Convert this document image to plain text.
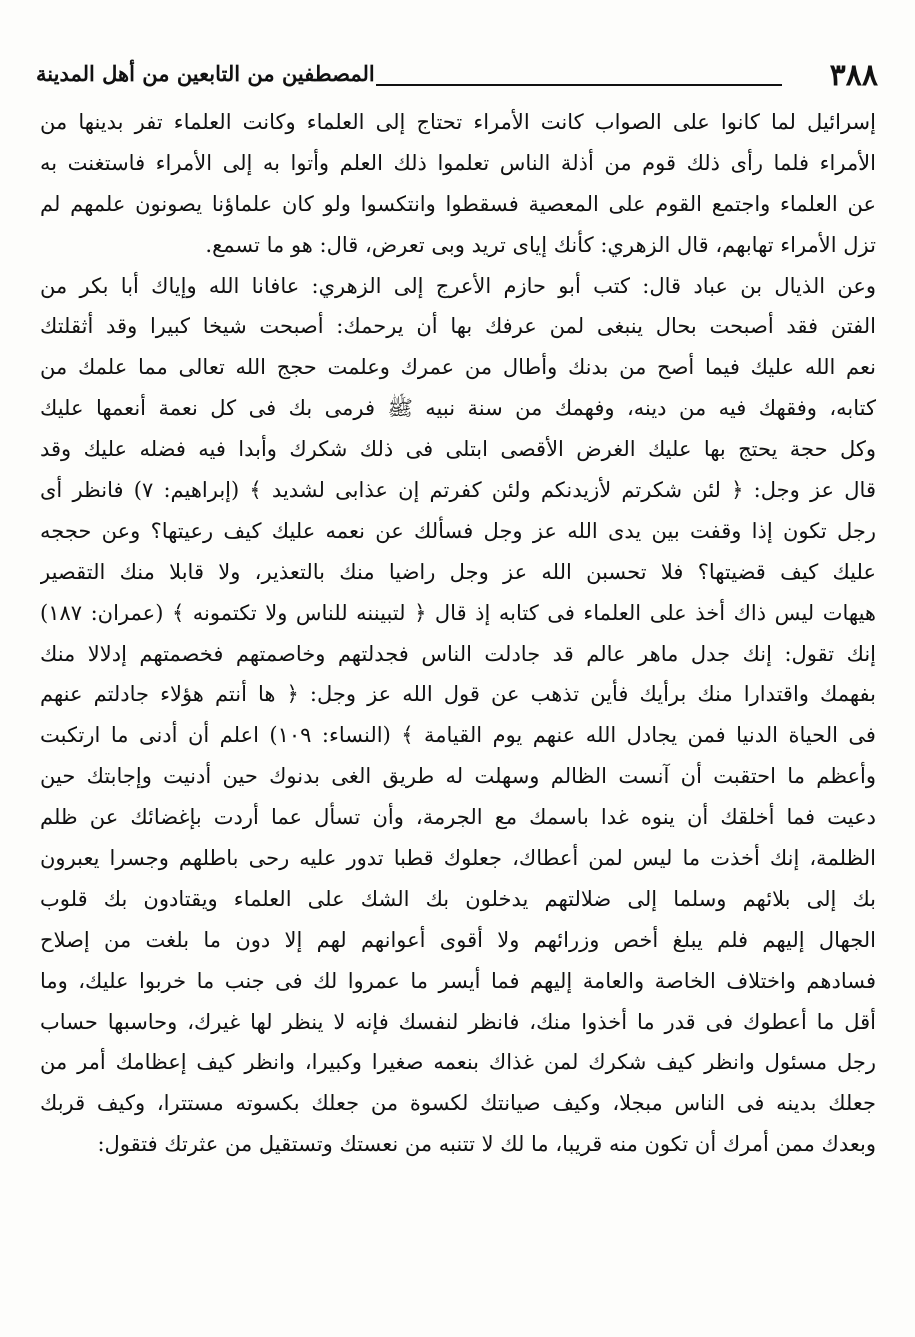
٣٨٨
المصطفين من التابعين من أهل المدينة
إسرائيل لما كانوا على الصواب كانت الأمراء تحتاج إلى العلماء وكانت العلماء تفر بدينها من
الأمراء فلما رأى ذلك قوم من أذلة الناس تعلموا ذلك العلم وأتوا به إلى الأمراء فاستغنت به
عن العلماء واجتمع القوم على المعصية فسقطوا وانتكسوا ولو كان علماؤنا يصونون علمهم لم
تزل الأمراء تهابهم، قال الزهري: كأنك إياى تريد وبى تعرض، قال: هو ما تسمع.
وعن الذيال بن عباد قال: كتب أبو حازم الأعرج إلى الزهري: عافانا الله وإياك أبا بكر من
الفتن فقد أصبحت بحال ينبغى لمن عرفك بها أن يرحمك: أصبحت شيخا كبيرا وقد أثقلتك
نعم الله عليك فيما أصح من بدنك وأطال من عمرك وعلمت حجج الله تعالى مما علمك من
كتابه، وفقهك فيه من دينه، وفهمك من سنة نبيه ﷺ فرمى بك فى كل نعمة أنعمها عليك
وكل حجة يحتج بها عليك الغرض الأقصى ابتلى فى ذلك شكرك وأبدا فيه فضله عليك وقد
قال عز وجل: ﴿ لئن شكرتم لأزيدنكم ولئن كفرتم إن عذابى لشديد ﴾ (إبراهيم: ٧) فانظر أى
رجل تكون إذا وقفت بين يدى الله عز وجل فسألك عن نعمه عليك كيف رعيتها؟ وعن حججه
عليك كيف قضيتها؟ فلا تحسبن الله عز وجل راضيا منك بالتعذير، ولا قابلا منك التقصير
هيهات ليس ذاك أخذ على العلماء فى كتابه إذ قال ﴿ لتبيننه للناس ولا تكتمونه ﴾ (عمران: ١٨٧)
إنك تقول: إنك جدل ماهر عالم قد جادلت الناس فجدلتهم وخاصمتهم فخصمتهم إدلالا منك
بفهمك واقتدارا منك برأيك فأين تذهب عن قول الله عز وجل: ﴿ ها أنتم هؤلاء جادلتم عنهم
فى الحياة الدنيا فمن يجادل الله عنهم يوم القيامة ﴾ (النساء: ١٠٩) اعلم أن أدنى ما ارتكبت
وأعظم ما احتقبت أن آنست الظالم وسهلت له طريق الغى بدنوك حين أدنيت وإجابتك حين
دعيت فما أخلقك أن ينوه غدا باسمك مع الجرمة، وأن تسأل عما أردت بإغضائك عن ظلم
الظلمة، إنك أخذت ما ليس لمن أعطاك، جعلوك قطبا تدور عليه رحى باطلهم وجسرا يعبرون
بك إلى بلائهم وسلما إلى ضلالتهم يدخلون بك الشك على العلماء ويقتادون بك قلوب
الجهال إليهم فلم يبلغ أخص وزرائهم ولا أقوى أعوانهم لهم إلا دون ما بلغت من إصلاح
فسادهم واختلاف الخاصة والعامة إليهم فما أيسر ما عمروا لك فى جنب ما خربوا عليك، وما
أقل ما أعطوك فى قدر ما أخذوا منك، فانظر لنفسك فإنه لا ينظر لها غيرك، وحاسبها حساب
رجل مسئول وانظر كيف شكرك لمن غذاك بنعمه صغيرا وكبيرا، وانظر كيف إعظامك أمر من
جعلك بدينه فى الناس مبجلا، وكيف صيانتك لكسوة من جعلك بكسوته مستترا، وكيف قربك
وبعدك ممن أمرك أن تكون منه قريبا، ما لك لا تتنبه من نعستك وتستقيل من عثرتك فتقول:
